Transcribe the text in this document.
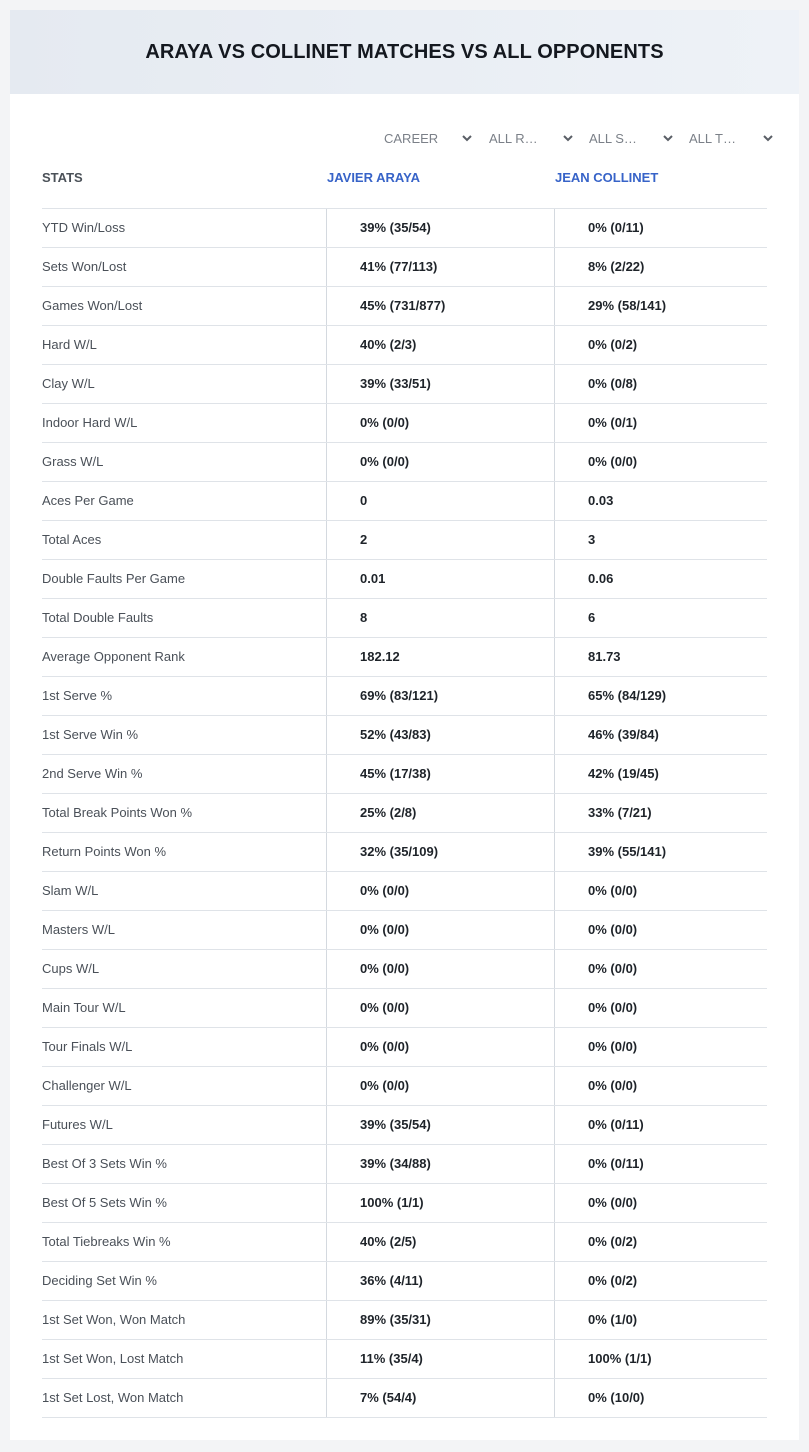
ARAYA VS COLLINET MATCHES VS ALL OPPONENTS
CAREER	ALL R…	ALL S…	ALL T…
STATS	JAVIER ARAYA	JEAN COLLINET
YTD Win/Loss	39% (35/54)	0% (0/11)
Sets Won/Lost	41% (77/113)	8% (2/22)
Games Won/Lost	45% (731/877)	29% (58/141)
Hard W/L	40% (2/3)	0% (0/2)
Clay W/L	39% (33/51)	0% (0/8)
Indoor Hard W/L	0% (0/0)	0% (0/1)
Grass W/L	0% (0/0)	0% (0/0)
Aces Per Game	0	0.03
Total Aces	2	3
Double Faults Per Game	0.01	0.06
Total Double Faults	8	6
Average Opponent Rank	182.12	81.73
1st Serve %	69% (83/121)	65% (84/129)
1st Serve Win %	52% (43/83)	46% (39/84)
2nd Serve Win %	45% (17/38)	42% (19/45)
Total Break Points Won %	25% (2/8)	33% (7/21)
Return Points Won %	32% (35/109)	39% (55/141)
Slam W/L	0% (0/0)	0% (0/0)
Masters W/L	0% (0/0)	0% (0/0)
Cups W/L	0% (0/0)	0% (0/0)
Main Tour W/L	0% (0/0)	0% (0/0)
Tour Finals W/L	0% (0/0)	0% (0/0)
Challenger W/L	0% (0/0)	0% (0/0)
Futures W/L	39% (35/54)	0% (0/11)
Best Of 3 Sets Win %	39% (34/88)	0% (0/11)
Best Of 5 Sets Win %	100% (1/1)	0% (0/0)
Total Tiebreaks Win %	40% (2/5)	0% (0/2)
Deciding Set Win %	36% (4/11)	0% (0/2)
1st Set Won, Won Match	89% (35/31)	0% (1/0)
1st Set Won, Lost Match	11% (35/4)	100% (1/1)
1st Set Lost, Won Match	7% (54/4)	0% (10/0)
